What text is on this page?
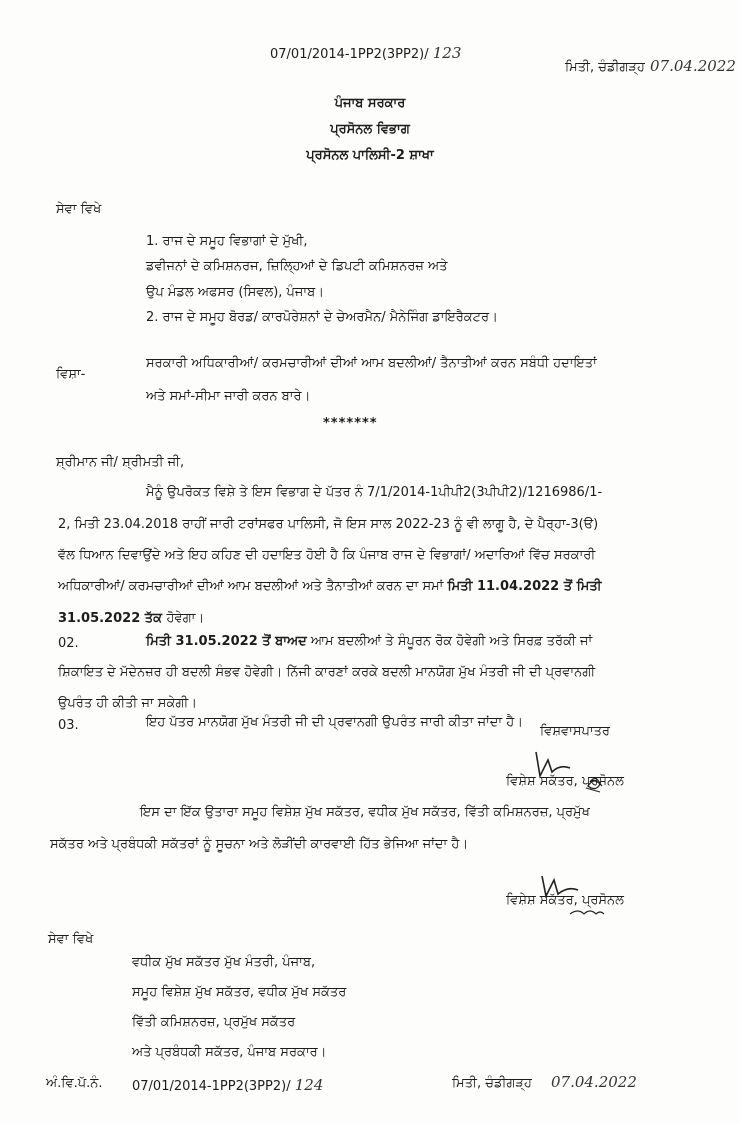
07/01/2014-1PP2(3PP2)/ 123
ਮਿਤੀ, ਚੰਡੀਗੜ੍ਹ 07.04.2022
ਪੰਜਾਬ ਸਰਕਾਰ
ਪ੍ਰਸੋਨਲ ਵਿਭਾਗ
ਪ੍ਰਸੋਨਲ ਪਾਲਿਸੀ-2 ਸ਼ਾਖਾ
ਸੇਵਾ ਵਿਖੇ
1. ਰਾਜ ਦੇ ਸਮੂਹ ਵਿਭਾਗਾਂ ਦੇ ਮੁੱਖੀ,
ਡਵੀਜਨਾਂ ਦੇ ਕਮਿਸ਼ਨਰਜ, ਜ਼ਿਲ੍ਹਿਆਂ ਦੇ ਡਿਪਟੀ ਕਮਿਸ਼ਨਰਜ਼ ਅਤੇ
ਉਪ ਮੰਡਲ ਅਫਸਰ (ਸਿਵਲ), ਪੰਜਾਬ।
2. ਰਾਜ ਦੇ ਸਮੂਹ ਬੋਰਡ/ ਕਾਰਪੋਰੇਸ਼ਨਾਂ ਦੇ ਚੇਅਰਮੈਨ/ ਮੈਨੇਜਿੰਗ ਡਾਇਰੈਕਟਰ।
ਵਿਸ਼ਾ-
ਸਰਕਾਰੀ ਅਧਿਕਾਰੀਆਂ/ ਕਰਮਚਾਰੀਆਂ ਦੀਆਂ ਆਮ ਬਦਲੀਆਂ/ ਤੈਨਾਤੀਆਂ ਕਰਨ ਸਬੰਧੀ ਹਦਾਇਤਾਂ
ਅਤੇ ਸਮਾਂ-ਸੀਮਾ ਜਾਰੀ ਕਰਨ ਬਾਰੇ।
*******
ਸ਼੍ਰੀਮਾਨ ਜੀ/ ਸ਼੍ਰੀਮਤੀ ਜੀ,
ਮੈਨੂੰ ਉਪਰੋਕਤ ਵਿਸ਼ੇ ਤੇ ਇਸ ਵਿਭਾਗ ਦੇ ਪੱਤਰ ਨੰ 7/1/2014-1ਪੀਪੀ2(3ਪੀਪੀ2)/1216986/1-
2, ਮਿਤੀ 23.04.2018 ਰਾਹੀਂ ਜਾਰੀ ਟਰਾਂਸਫਰ ਪਾਲਿਸੀ, ਜੋ ਇਸ ਸਾਲ 2022-23 ਨੂੰ ਵੀ ਲਾਗੂ ਹੈ, ਦੇ ਪੈਰ੍ਹਾ-3(ੳ)
ਵੱਲ ਧਿਆਨ ਦਿਵਾਉਂਦੇ ਅਤੇ ਇਹ ਕਹਿਣ ਦੀ ਹਦਾਇਤ ਹੋਈ ਹੈ ਕਿ ਪੰਜਾਬ ਰਾਜ ਦੇ ਵਿਭਾਗਾਂ/ ਅਦਾਰਿਆਂ ਵਿੱਚ ਸਰਕਾਰੀ
ਅਧਿਕਾਰੀਆਂ/ ਕਰਮਚਾਰੀਆਂ ਦੀਆਂ ਆਮ ਬਦਲੀਆਂ ਅਤੇ ਤੈਨਾਤੀਆਂ ਕਰਨ ਦਾ ਸਮਾਂ ਮਿਤੀ 11.04.2022 ਤੋਂ ਮਿਤੀ
31.05.2022 ਤੱਕ ਹੋਵੇਗਾ।
02.	ਮਿਤੀ 31.05.2022 ਤੋਂ ਬਾਅਦ ਆਮ ਬਦਲੀਆਂ ਤੇ ਸੰਪੂਰਨ ਰੋਕ ਹੋਵੇਗੀ ਅਤੇ ਸਿਰਫ਼ ਤਰੱਕੀ ਜਾਂ
ਸ਼ਿਕਾਇਤ ਦੇ ਮੱਦੇਨਜ਼ਰ ਹੀ ਬਦਲੀ ਸੰਭਵ ਹੋਵੇਗੀ। ਨਿੱਜੀ ਕਾਰਣਾਂ ਕਰਕੇ ਬਦਲੀ ਮਾਨਯੋਗ ਮੁੱਖ ਮੰਤਰੀ ਜੀ ਦੀ ਪ੍ਰਵਾਨਗੀ
ਉਪਰੰਤ ਹੀ ਕੀਤੀ ਜਾ ਸਕੇਗੀ।
03.	ਇਹ ਪੱਤਰ ਮਾਨਯੋਗ ਮੁੱਖ ਮੰਤਰੀ ਜੀ ਦੀ ਪ੍ਰਵਾਨਗੀ ਉਪਰੰਤ ਜਾਰੀ ਕੀਤਾ ਜਾਂਦਾ ਹੈ।
ਵਿਸ਼ਵਾਸਪਾਤਰ
ਵਿਸ਼ੇਸ਼ ਸਕੱਤਰ, ਪ੍ਰਸੋਨਲ
ਇਸ ਦਾ ਇੱਕ ਉਤਾਰਾ ਸਮੂਹ ਵਿਸ਼ੇਸ਼ ਮੁੱਖ ਸਕੱਤਰ, ਵਧੀਕ ਮੁੱਖ ਸਕੱਤਰ, ਵਿੱਤੀ ਕਮਿਸ਼ਨਰਜ਼, ਪ੍ਰਮੁੱਖ
ਸਕੱਤਰ ਅਤੇ ਪ੍ਰਬੰਧਕੀ ਸਕੱਤਰਾਂ ਨੂੰ ਸੂਚਨਾ ਅਤੇ ਲੋੜੀਂਦੀ ਕਾਰਵਾਈ ਹਿੱਤ ਭੇਜਿਆ ਜਾਂਦਾ ਹੈ।
ਵਿਸ਼ੇਸ਼ ਸਕੱਤਰ, ਪ੍ਰਸੋਨਲ
ਸੇਵਾ ਵਿਖੇ
ਵਧੀਕ ਮੁੱਖ ਸਕੱਤਰ ਮੁੱਖ ਮੰਤਰੀ, ਪੰਜਾਬ,
ਸਮੂਹ ਵਿਸ਼ੇਸ਼ ਮੁੱਖ ਸਕੱਤਰ, ਵਧੀਕ ਮੁੱਖ ਸਕੱਤਰ
ਵਿੱਤੀ ਕਮਿਸ਼ਨਰਜ਼, ਪ੍ਰਮੁੱਖ ਸਕੱਤਰ
ਅਤੇ ਪ੍ਰਬੰਧਕੀ ਸਕੱਤਰ, ਪੰਜਾਬ ਸਰਕਾਰ।
ਅੰ.ਵਿ.ਪੱ.ਨੰ. 07/01/2014-1PP2(3PP2)/ 124	ਮਿਤੀ, ਚੰਡੀਗੜ੍ਹ 07.04.2022
